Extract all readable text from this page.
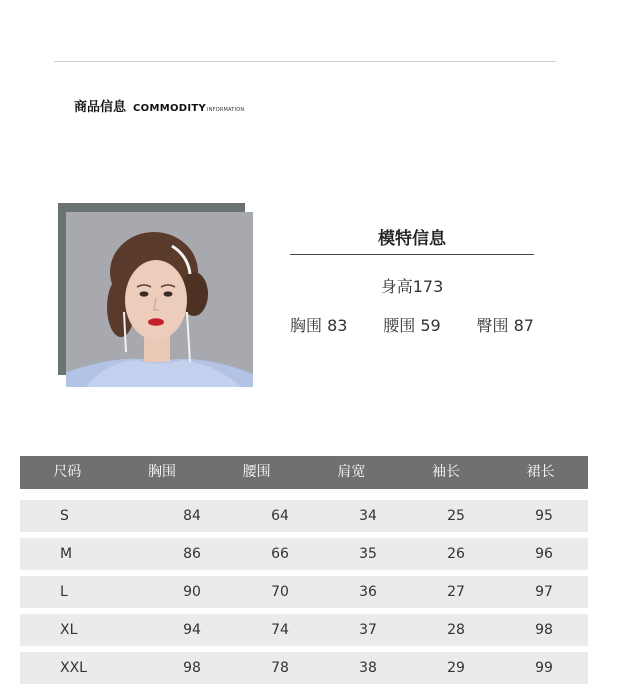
商品信息 COMMODITY INFORMATION
模特信息
身高173
胸围 83 腰围 59 臀围 87
尺码	胸围	腰围	肩宽	袖长	裙长
S	84	64	34	25	95
M	86	66	35	26	96
L	90	70	36	27	97
XL	94	74	37	28	98
XXL	98	78	38	29	99
